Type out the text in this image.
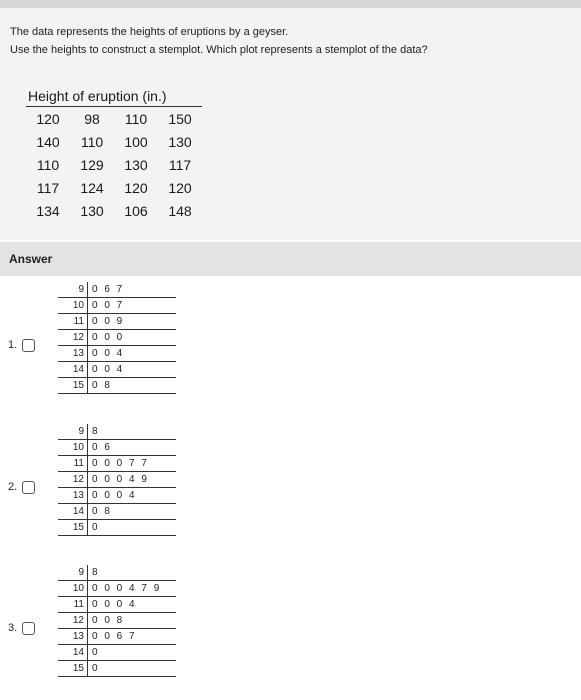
The data represents the heights of eruptions by a geyser.

Use the heights to construct a stemplot. Which plot represents a stemplot of the data?

Height of eruption (in.)
120	98	110	150
140	110	100	130
110	129	130	117
117	124	120	120
134	130	106	148
Answer
1.
9	0 6 7
10	0 0 7
11	0 0 9
12	0 0 0
13	0 0 4
14	0 0 4
15	0 8
2.
9	8
10	0 6
11	0 0 0 7 7
12	0 0 0 4 9
13	0 0 0 4
14	0 8
15	0
3.
9	8
10	0 0 0 4 7 9
11	0 0 0 4
12	0 0 8
13	0 0 6 7
14	0
15	0
